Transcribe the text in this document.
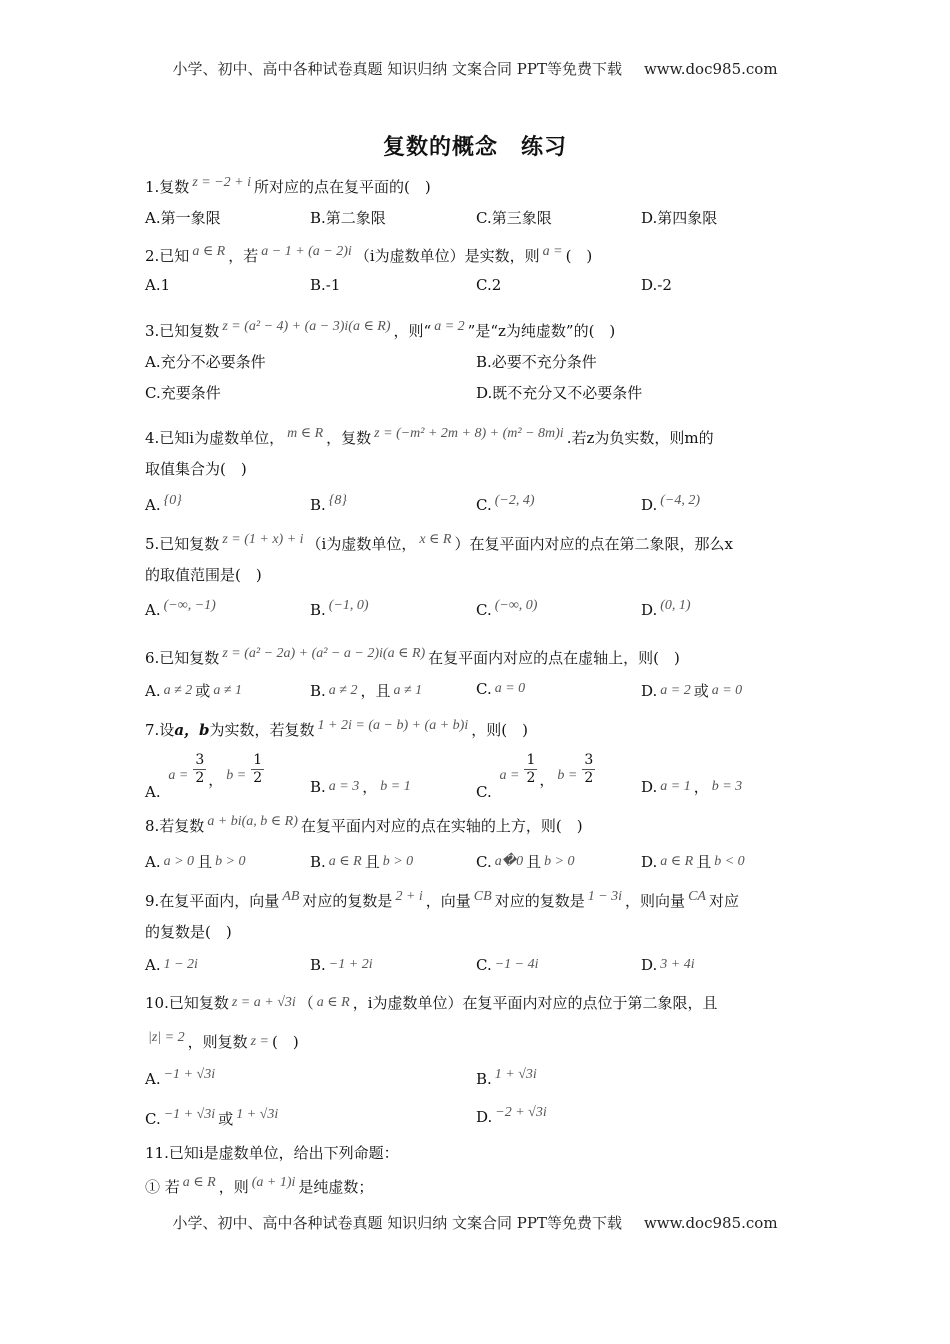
小学、初中、高中各种试卷真题 知识归纳 文案合同 PPT等免费下载 www.doc985.com
复数的概念　练习
1.复数 z = −2 + i 所对应的点在复平面的(　)
A.第一象限	B.第二象限	C.第三象限	D.第四象限
2.已知 a ∈ R ，若 a − 1 + (a − 2)i （i为虚数单位）是实数，则 a = (　)
A.1	B.-1	C.2	D.-2
3.已知复数 z = (a² − 4) + (a − 3)i(a ∈ R) ，则“ a = 2 ”是“z为纯虚数”的(　)
A.充分不必要条件	B.必要不充分条件
C.充要条件	D.既不充分又不必要条件
4.已知i为虚数单位， m ∈ R ，复数 z = (−m² + 2m + 8) + (m² − 8m)i .若z为负实数，则m的
取值集合为(　)
A. {0}	B. {8}	C. (−2, 4)	D. (−4, 2)
5.已知复数 z = (1 + x) + i （i为虚数单位， x ∈ R ）在复平面内对应的点在第二象限，那么x
的取值范围是(　)
A. (−∞, −1)	B. (−1, 0)	C. (−∞, 0)	D. (0, 1)
6.已知复数 z = (a² − 2a) + (a² − a − 2)i(a ∈ R) 在复平面内对应的点在虚轴上，则(　)
A. a ≠ 2 或 a ≠ 1	B. a ≠ 2 ，且 a ≠ 1	C. a = 0	D. a = 2 或 a = 0
7.设a，b为实数，若复数 1 + 2i = (a − b) + (a + b)i ，则(　)
A. $a = \frac{3}{2}$ ， $b = \frac{1}{2}$
B. a = 3 ， b = 1	C. $a = \frac{1}{2}$ ， $b = \frac{3}{2}$
D. a = 1 ， b = 3
8.若复数 a + bi(a, b ∈ R) 在复平面内对应的点在实轴的上方，则(　)
A. a > 0 且 b > 0	B. a ∈ R 且 b > 0	C. a�0 且 b > 0	D. a ∈ R 且 b < 0
9.在复平面内，向量 AB 对应的复数是 2 + i ，向量 CB 对应的复数是 1 − 3i ，则向量 CA 对应
的复数是(　)
A. 1 − 2i	B. −1 + 2i	C. −1 − 4i	D. 3 + 4i
10.已知复数 z = a + √3i （ a ∈ R ，i为虚数单位）在复平面内对应的点位于第二象限，且
|z| = 2 ，则复数 z = (　)
A. −1 + √3i	B. 1 + √3i
C. −1 + √3i 或 1 + √3i	D. −2 + √3i
11.已知i是虚数单位，给出下列命题：
① 若 a ∈ R ，则 (a + 1)i 是纯虚数；
小学、初中、高中各种试卷真题 知识归纳 文案合同 PPT等免费下载 www.doc985.com
